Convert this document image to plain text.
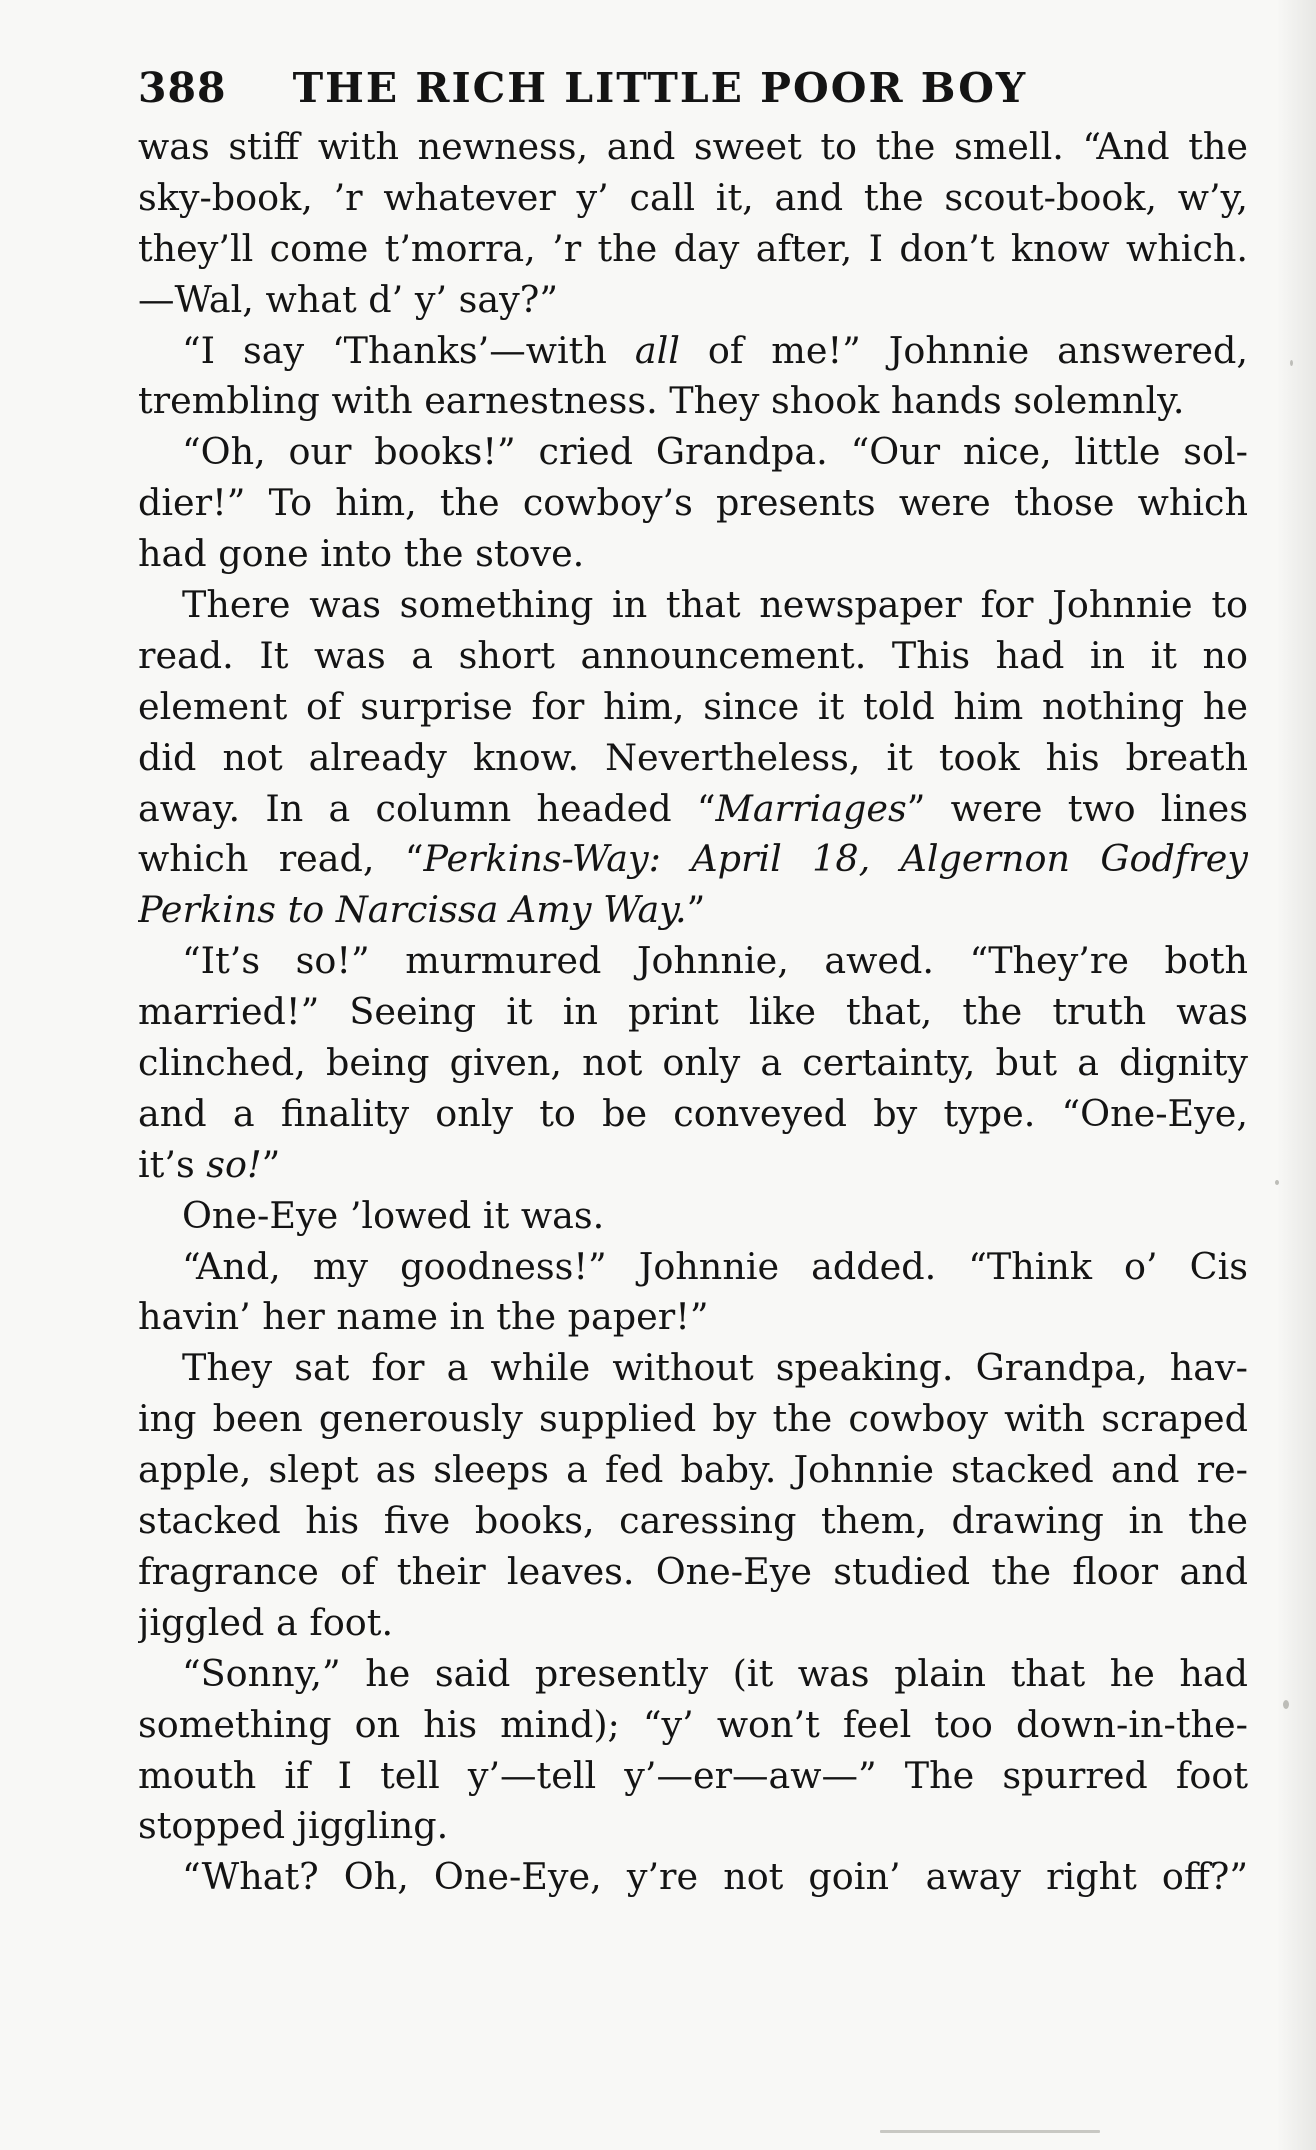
388 THE RICH LITTLE POOR BOY
was stiff with newness, and sweet to the smell. “And the
sky-book, ’r whatever y’ call it, and the scout-book, w’y,
they’ll come t’morra, ’r the day after, I don’t know which.
—Wal, what d’ y’ say?”
“I say ‘Thanks’—with all of me!” Johnnie answered,
trembling with earnestness. They shook hands solemnly.
“Oh, our books!” cried Grandpa. “Our nice, little sol-
dier!” To him, the cowboy’s presents were those which
had gone into the stove.
There was something in that newspaper for Johnnie to
read. It was a short announcement. This had in it no
element of surprise for him, since it told him nothing he
did not already know. Nevertheless, it took his breath
away. In a column headed “Marriages” were two lines
which read, “Perkins-Way: April 18, Algernon Godfrey
Perkins to Narcissa Amy Way.”
“It’s so!” murmured Johnnie, awed. “They’re both
married!” Seeing it in print like that, the truth was
clinched, being given, not only a certainty, but a dignity
and a finality only to be conveyed by type. “One-Eye,
it’s so!”
One-Eye ’lowed it was.
“And, my goodness!” Johnnie added. “Think o’ Cis
havin’ her name in the paper!”
They sat for a while without speaking. Grandpa, hav-
ing been generously supplied by the cowboy with scraped
apple, slept as sleeps a fed baby. Johnnie stacked and re-
stacked his five books, caressing them, drawing in the
fragrance of their leaves. One-Eye studied the floor and
jiggled a foot.
“Sonny,” he said presently (it was plain that he had
something on his mind); “y’ won’t feel too down-in-the-
mouth if I tell y’—tell y’—er—aw—” The spurred foot
stopped jiggling.
“What? Oh, One-Eye, y’re not goin’ away right off?”
